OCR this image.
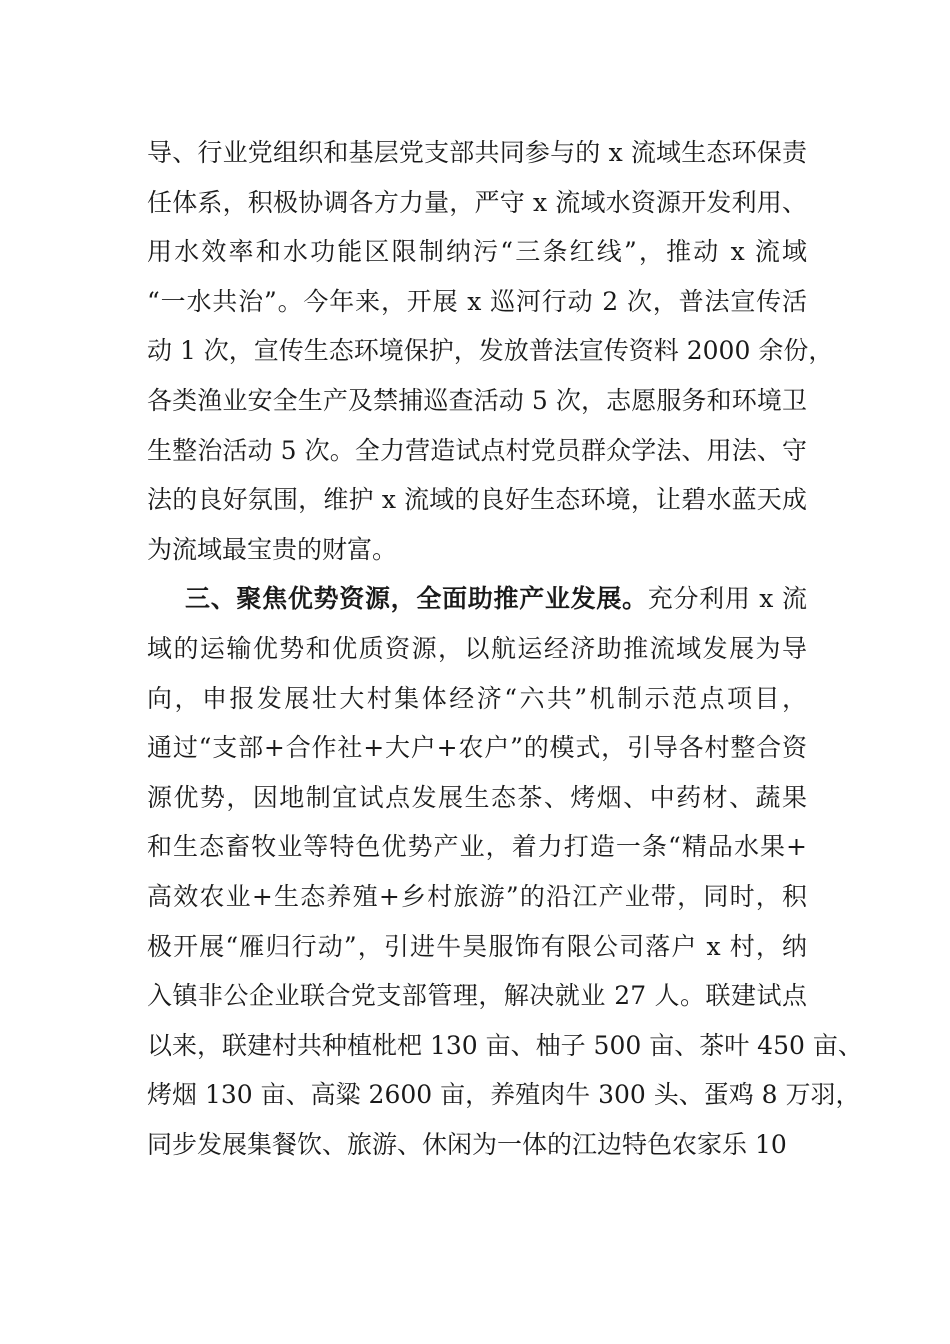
导、行业党组织和基层党支部共同参与的 x 流域生态环保责
任体系，积极协调各方力量，严守 x 流域水资源开发利用、
用水效率和水功能区限制纳污“三条红线”，推动 x 流域
“一水共治”。今年来，开展 x 巡河行动 2 次，普法宣传活
动 1 次，宣传生态环境保护，发放普法宣传资料 2000 余份，
各类渔业安全生产及禁捕巡查活动 5 次，志愿服务和环境卫
生整治活动 5 次。全力营造试点村党员群众学法、用法、守
法的良好氛围，维护 x 流域的良好生态环境，让碧水蓝天成
为流域最宝贵的财富。
三、聚焦优势资源，全面助推产业发展。充分利用 x 流
域的运输优势和优质资源，以航运经济助推流域发展为导
向，申报发展壮大村集体经济“六共”机制示范点项目，
通过“支部+合作社+大户+农户”的模式，引导各村整合资
源优势，因地制宜试点发展生态茶、烤烟、中药材、蔬果
和生态畜牧业等特色优势产业，着力打造一条“精品水果+
高效农业+生态养殖+乡村旅游”的沿江产业带，同时，积
极开展“雁归行动”，引进牛昊服饰有限公司落户 x 村，纳
入镇非公企业联合党支部管理，解决就业 27 人。联建试点
以来，联建村共种植枇杷 130 亩、柚子 500 亩、茶叶 450 亩、
烤烟 130 亩、高粱 2600 亩，养殖肉牛 300 头、蛋鸡 8 万羽，
同步发展集餐饮、旅游、休闲为一体的江边特色农家乐 10
